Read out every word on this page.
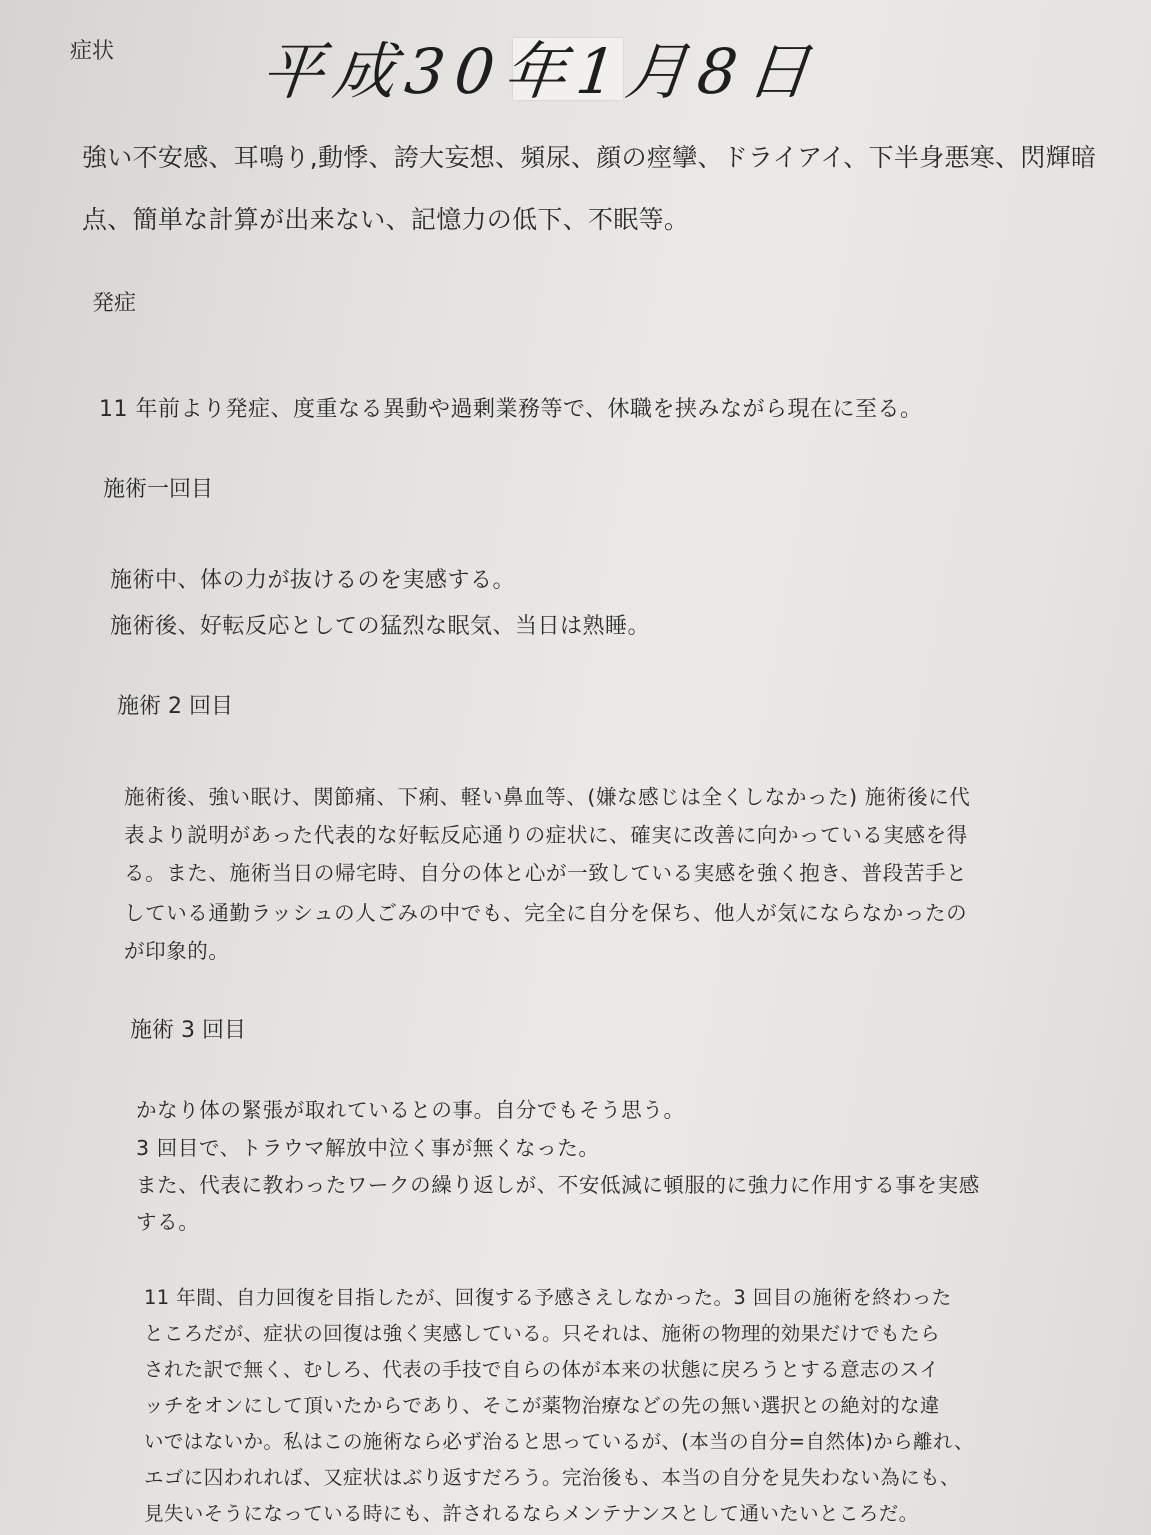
症状 平成30年1月8日
強い不安感、耳鳴り,動悸、誇大妄想、頻尿、顔の痙攣、ドライアイ、下半身悪寒、閃輝暗
点、簡単な計算が出来ない、記憶力の低下、不眠等。
発症
11 年前より発症、度重なる異動や過剰業務等で、休職を挟みながら現在に至る。
施術一回目
施術中、体の力が抜けるのを実感する。
施術後、好転反応としての猛烈な眠気、当日は熟睡。
施術 2 回目
施術後、強い眠け、関節痛、下痢、軽い鼻血等、(嫌な感じは全くしなかった) 施術後に代
表より説明があった代表的な好転反応通りの症状に、確実に改善に向かっている実感を得
る。また、施術当日の帰宅時、自分の体と心が一致している実感を強く抱き、普段苦手と
している通勤ラッシュの人ごみの中でも、完全に自分を保ち、他人が気にならなかったの
が印象的。
施術 3 回目
かなり体の緊張が取れているとの事。自分でもそう思う。
3 回目で、トラウマ解放中泣く事が無くなった。
また、代表に教わったワークの繰り返しが、不安低減に頓服的に強力に作用する事を実感
する。
11 年間、自力回復を目指したが、回復する予感さえしなかった。3 回目の施術を終わった
ところだが、症状の回復は強く実感している。只それは、施術の物理的効果だけでもたら
された訳で無く、むしろ、代表の手技で自らの体が本来の状態に戻ろうとする意志のスイ
ッチをオンにして頂いたからであり、そこが薬物治療などの先の無い選択との絶対的な違
いではないか。私はこの施術なら必ず治ると思っているが、(本当の自分=自然体)から離れ、
エゴに囚われれば、又症状はぶり返すだろう。完治後も、本当の自分を見失わない為にも、
見失いそうになっている時にも、許されるならメンテナンスとして通いたいところだ。
